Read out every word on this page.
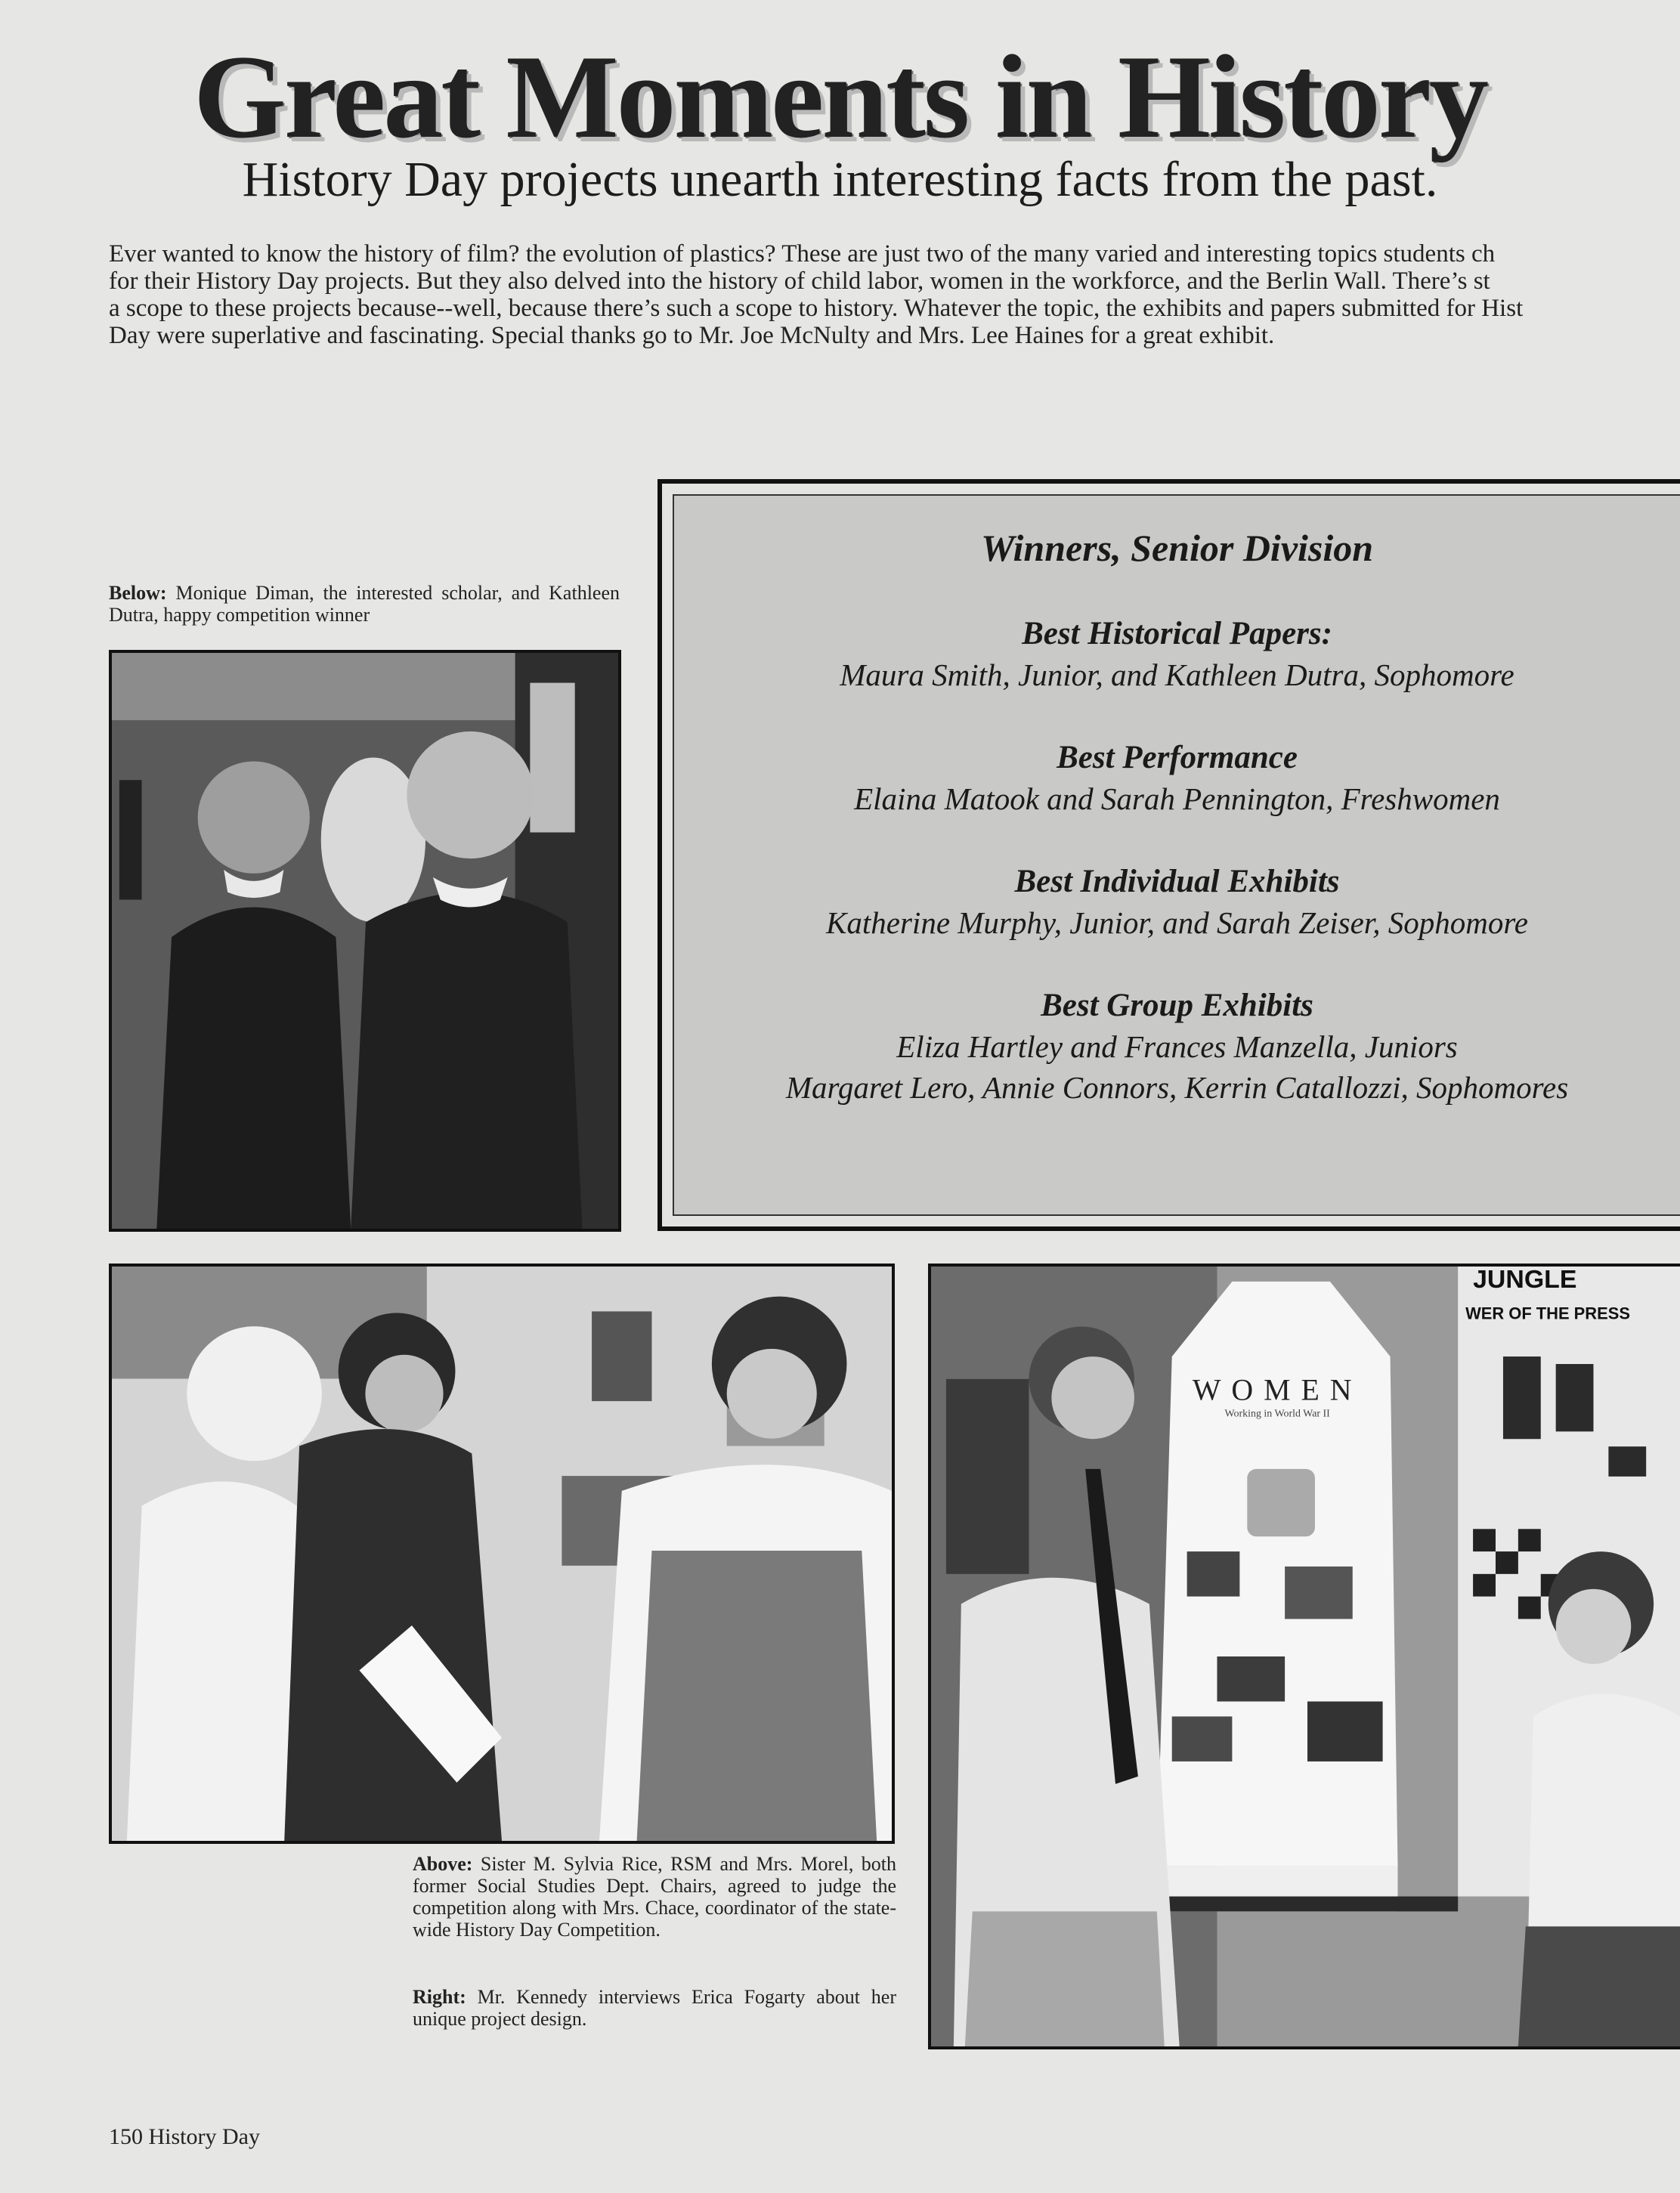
Great Moments in History
History Day projects unearth interesting facts from the past.
Ever wanted to know the history of film? the evolution of plastics? These are just two of the many varied and interesting topics students ch
for their History Day projects. But they also delved into the history of child labor, women in the workforce, and the Berlin Wall. There’s st
a scope to these projects because--well, because there’s such a scope to history. Whatever the topic, the exhibits and papers submitted for Hist
Day were superlative and fascinating. Special thanks go to Mr. Joe McNulty and Mrs. Lee Haines for a great exhibit.
Below: Monique Diman, the interested scholar, and Kathleen Dutra, happy competition winner
Winners, Senior Division
Best Historical Papers:
Maura Smith, Junior, and Kathleen Dutra, Sophomore
Best Performance
Elaina Matook and Sarah Pennington, Freshwomen
Best Individual Exhibits
Katherine Murphy, Junior, and Sarah Zeiser, Sophomore
Best Group Exhibits
Eliza Hartley and Frances Manzella, Juniors
Margaret Lero, Annie Connors, Kerrin Catallozzi, Sophomores
Above: Sister M. Sylvia Rice, RSM and Mrs. Morel, both former Social Studies Dept. Chairs, agreed to judge the competition along with Mrs. Chace, coordinator of the state-wide History Day Competition.
Right: Mr. Kennedy interviews Erica Fogarty about her unique project design.
JUNGLE
WER OF THE PRESS
WOMEN
Working in World War II
150 History Day
